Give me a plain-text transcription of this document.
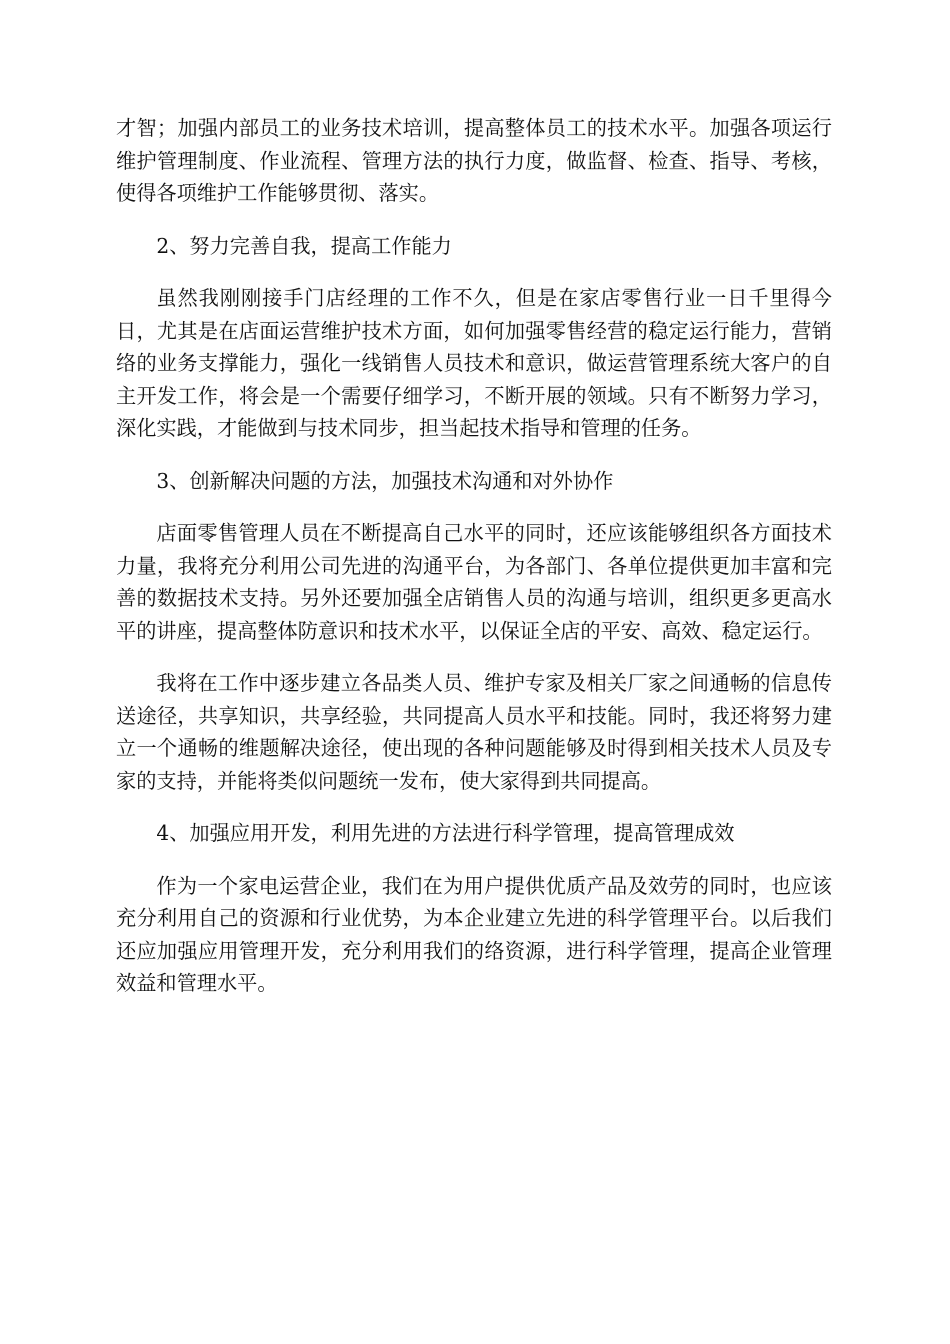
才智；加强内部员工的业务技术培训，提高整体员工的技术水平。加强各项运行维护管理制度、作业流程、管理方法的执行力度，做监督、检查、指导、考核，使得各项维护工作能够贯彻、落实。

2、努力完善自我，提高工作能力

虽然我刚刚接手门店经理的工作不久，但是在家店零售行业一日千里得今日，尤其是在店面运营维护技术方面，如何加强零售经营的稳定运行能力，营销络的业务支撑能力，强化一线销售人员技术和意识，做运营管理系统大客户的自主开发工作，将会是一个需要仔细学习，不断开展的领域。只有不断努力学习，深化实践，才能做到与技术同步，担当起技术指导和管理的任务。

3、创新解决问题的方法，加强技术沟通和对外协作

店面零售管理人员在不断提高自己水平的同时，还应该能够组织各方面技术力量，我将充分利用公司先进的沟通平台，为各部门、各单位提供更加丰富和完善的数据技术支持。另外还要加强全店销售人员的沟通与培训，组织更多更高水平的讲座，提高整体防意识和技术水平，以保证全店的平安、高效、稳定运行。

我将在工作中逐步建立各品类人员、维护专家及相关厂家之间通畅的信息传送途径，共享知识，共享经验，共同提高人员水平和技能。同时，我还将努力建立一个通畅的维题解决途径，使出现的各种问题能够及时得到相关技术人员及专家的支持，并能将类似问题统一发布，使大家得到共同提高。

4、加强应用开发，利用先进的方法进行科学管理，提高管理成效

作为一个家电运营企业，我们在为用户提供优质产品及效劳的同时，也应该充分利用自己的资源和行业优势，为本企业建立先进的科学管理平台。以后我们还应加强应用管理开发，充分利用我们的络资源，进行科学管理，提高企业管理效益和管理水平。
